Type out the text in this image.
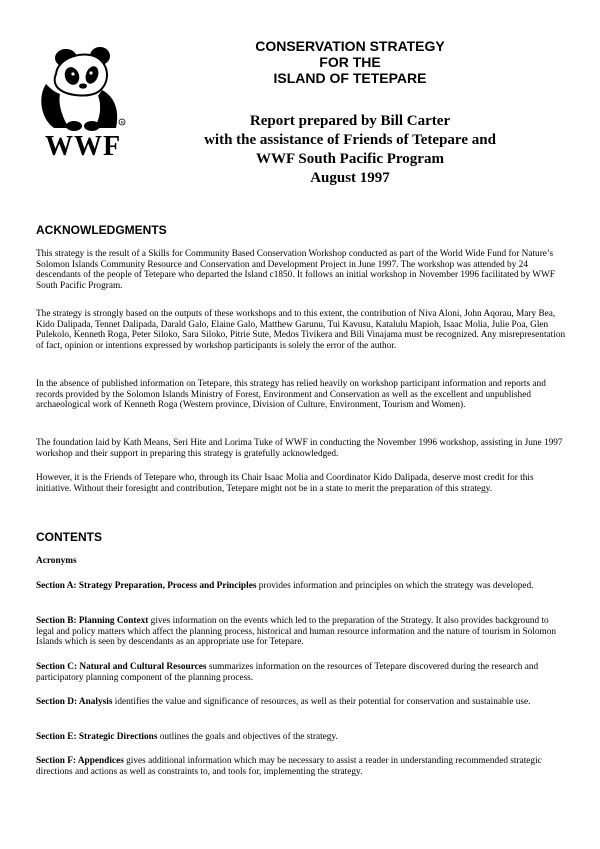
R
WWF
CONSERVATION STRATEGY
FOR THE
ISLAND OF TETEPARE
Report prepared by Bill Carter
with the assistance of Friends of Tetepare and
WWF South Pacific Program
August 1997
ACKNOWLEDGMENTS
This strategy is the result of a Skills for Community Based Conservation Workshop conducted as part of the World Wide Fund for Nature’s Solomon Islands Community Resource and Conservation and Development Project in June 1997. The workshop was attended by 24 descendants of the people of Tetepare who departed the Island c1850. It follows an initial workshop in November 1996 facilitated by WWF South Pacific Program.
The strategy is strongly based on the outputs of these workshops and to this extent, the contribution of Niva Aloni, John Aqorau, Mary Bea, Kido Dalipada, Tennet Dalipada, Darald Galo, Elaine Galo, Matthew Garunu, Tui Kavusu, Katalulu Mapioh, Isaac Molia, Julie Poa, Glen Pulekolo, Kenneth Roga, Peter Siloko, Sara Siloko, Pitrie Sute, Medos Tivikera and Bili Vinajama must be recognized. Any misrepresentation of fact, opinion or intentions expressed by workshop participants is solely the error of the author.
In the absence of published information on Tetepare, this strategy has relied heavily on workshop participant information and reports and records provided by the Solomon Islands Ministry of Forest, Environment and Conservation as well as the excellent and unpublished archaeological work of Kenneth Roga (Western province, Division of Culture, Environment, Tourism and Women).
The foundation laid by Kath Means, Seri Hite and Lorima Tuke of WWF in conducting the November 1996 workshop, assisting in June 1997 workshop and their support in preparing this strategy is gratefully acknowledged.
However, it is the Friends of Tetepare who, through its Chair Isaac Molia and Coordinator Kido Dalipada, deserve most credit for this initiative. Without their foresight and contribution, Tetepare might not be in a state to merit the preparation of this strategy.
CONTENTS
Acronyms
Section A: Strategy Preparation, Process and Principles provides information and principles on which the strategy was developed.
Section B: Planning Context gives information on the events which led to the preparation of the Strategy. It also provides background to legal and policy matters which affect the planning process, historical and human resource information and the nature of tourism in Solomon Islands which is seen by descendants as an appropriate use for Tetepare.
Section C: Natural and Cultural Resources summarizes information on the resources of Tetepare discovered during the research and participatory planning component of the planning process.
Section D: Analysis identifies the value and significance of resources, as well as their potential for conservation and sustainable use.
Section E: Strategic Directions outlines the goals and objectives of the strategy.
Section F: Appendices gives additional information which may be necessary to assist a reader in understanding recommended strategic directions and actions as well as constraints to, and tools for, implementing the strategy.
